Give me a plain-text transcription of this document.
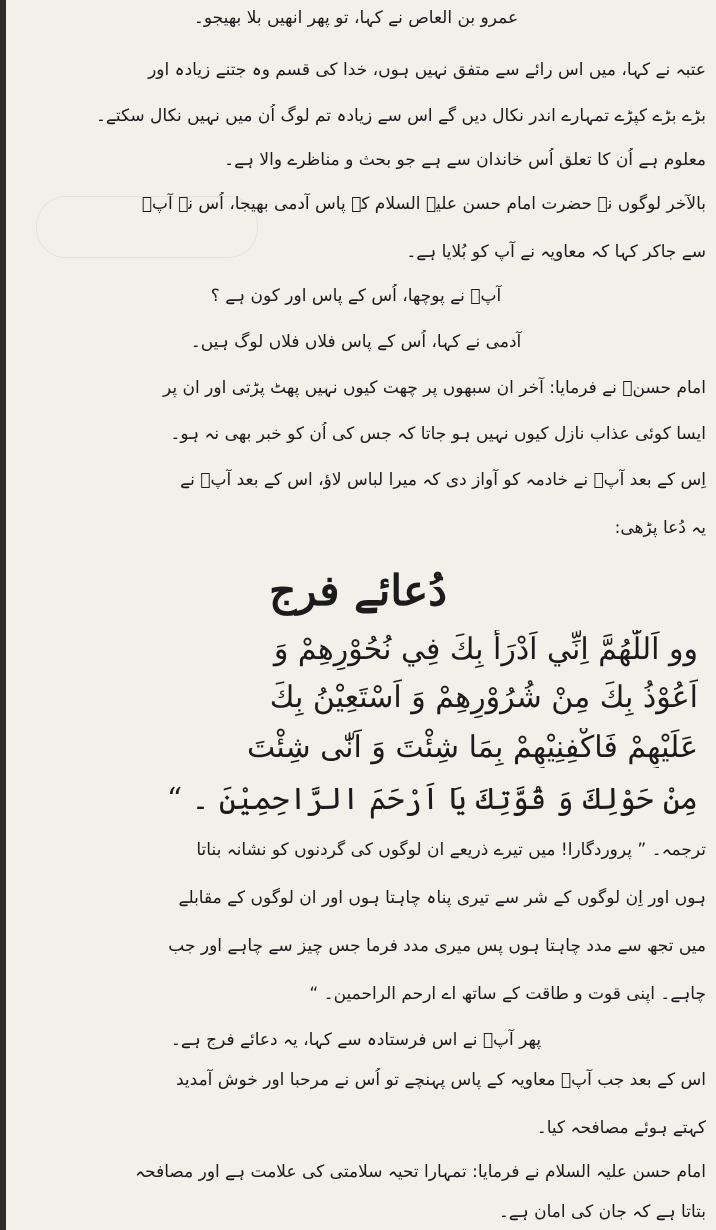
عمرو بن العاص نے کہا، تو پھر انھیں بلا بھیجو۔
عتبہ نے کہا، میں اس رائے سے متفق نہیں ہوں، خدا کی قسم وہ جتنے زیادہ اور
بڑے بڑے کپڑے تمہارے اندر نکال دیں گے اس سے زیادہ تم لوگ اُن میں نہیں نکال سکتے۔
معلوم ہے اُن کا تعلق اُس خاندان سے ہے جو بحث و مناظرے والا ہے۔
بالآخر لوگوں نے حضرت امام حسن علیہ السلام کے پاس آدمی بھیجا، اُس نے آپؑ
سے جاکر کہا کہ معاویہ نے آپ کو بُلایا ہے۔
آپؑ نے پوچھا، اُس کے پاس اور کون ہے ؟
آدمی نے کہا، اُس کے پاس فلاں فلاں لوگ ہیں۔
امام حسنؑ نے فرمایا: آخر ان سبھوں پر چھت کیوں نہیں پھٹ پڑتی اور ان پر
ایسا کوئی عذاب نازل کیوں نہیں ہو جاتا کہ جس کی اُن کو خبر بھی نہ ہو۔
اِس کے بعد آپؑ نے خادمہ کو آواز دی کہ میرا لباس لاؤ، اس کے بعد آپؑ نے
یہ دُعا پڑھی:
دُعائے فرج
وو اَللّٰهُمَّ اِنِّي اَدْرَأُ بِكَ فِي نُحُوْرِهِمْ وَ
اَعُوْذُ بِكَ مِنْ شُرُوْرِهِمْ وَ اَسْتَعِيْنُ بِكَ
عَلَيْهِمْ فَاكْفِنِيْهِمْ بِمَا شِئْتَ وَ اَنّٰى شِئْتَ
مِنْ حَوْلِكَ وَ قُوَّتِكَ يَا اَرْحَمَ الرَّاحِمِيْنَ ۔ “
ترجمہ۔ ” پروردگارا! میں تیرے ذریعے ان لوگوں کی گردنوں کو نشانہ بناتا
ہوں اور اِن لوگوں کے شر سے تیری پناہ چاہتا ہوں اور ان لوگوں کے مقابلے
میں تجھ سے مدد چاہتا ہوں پس میری مدد فرما جس چیز سے چاہے اور جب
چاہے۔ اپنی قوت و طاقت کے ساتھ اے ارحم الراحمین۔ “
پھر آپؑ نے اس فرستادہ سے کہا، یہ دعائے فرج ہے۔
اس کے بعد جب آپؑ معاویہ کے پاس پہنچے تو اُس نے مرحبا اور خوش آمدید
کہتے ہوئے مصافحہ کیا۔
امام حسن علیہ السلام نے فرمایا: تمہارا تحیہ سلامتی کی علامت ہے اور مصافحہ
بتاتا ہے کہ جان کی امان ہے۔
